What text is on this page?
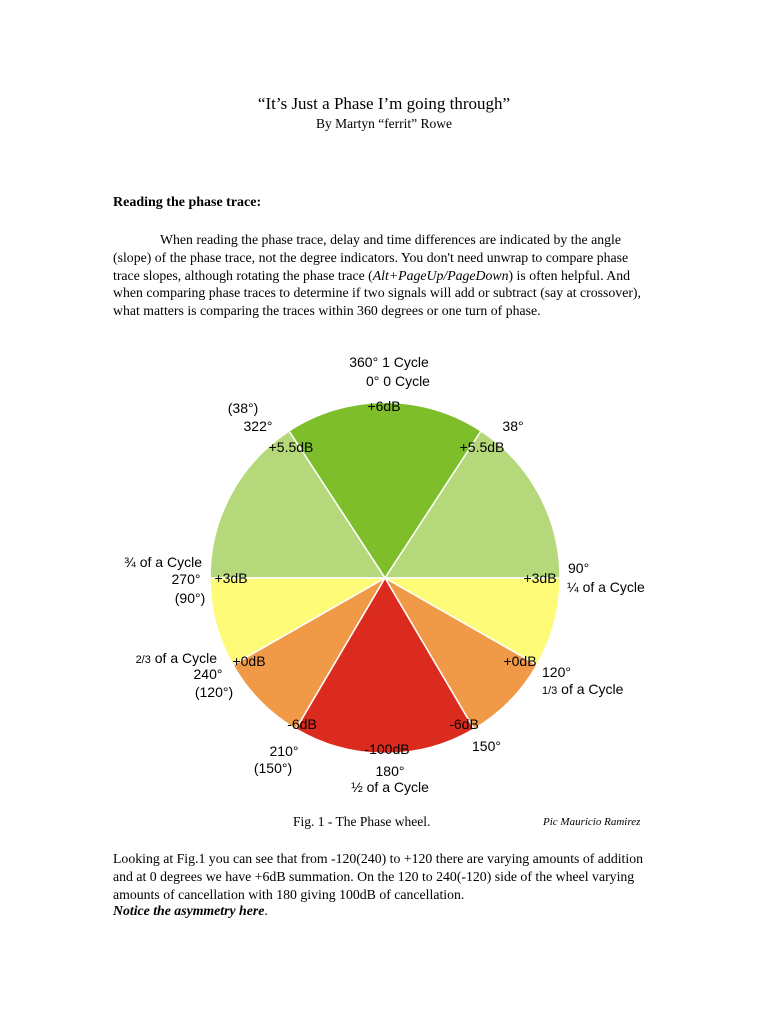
“It’s Just a Phase I’m going through”
By Martyn “ferrit” Rowe
Reading the phase trace:
When reading the phase trace, delay and time differences are indicated by the angle (slope) of the phase trace, not the degree indicators. You don't need unwrap to compare phase trace slopes, although rotating the phase trace (Alt+PageUp/PageDown) is often helpful. And when comparing phase traces to determine if two signals will add or subtract (say at crossover), what matters is comparing the traces within 360 degrees or one turn of phase.
360° 1 Cycle
0° 0 Cycle
+6dB
(38°)
322°
+5.5dB
38°
+5.5dB
¾ of a Cycle
270° +3dB
(90°)
90°
+3dB
¼ of a Cycle
2/3 of a Cycle
240°
+0dB
(120°)
+0dB
120°
1/3 of a Cycle
-6dB	-6dB
150°
210°
(150°)
-100dB
180°
½ of a Cycle
Fig. 1 - The Phase wheel.	Pic Mauricio Ramirez
Looking at Fig.1 you can see that from -120(240) to +120 there are varying amounts of addition and at 0 degrees we have +6dB summation. On the 120 to 240(-120) side of the wheel varying amounts of cancellation with 180 giving 100dB of cancellation.
Notice the asymmetry here.
